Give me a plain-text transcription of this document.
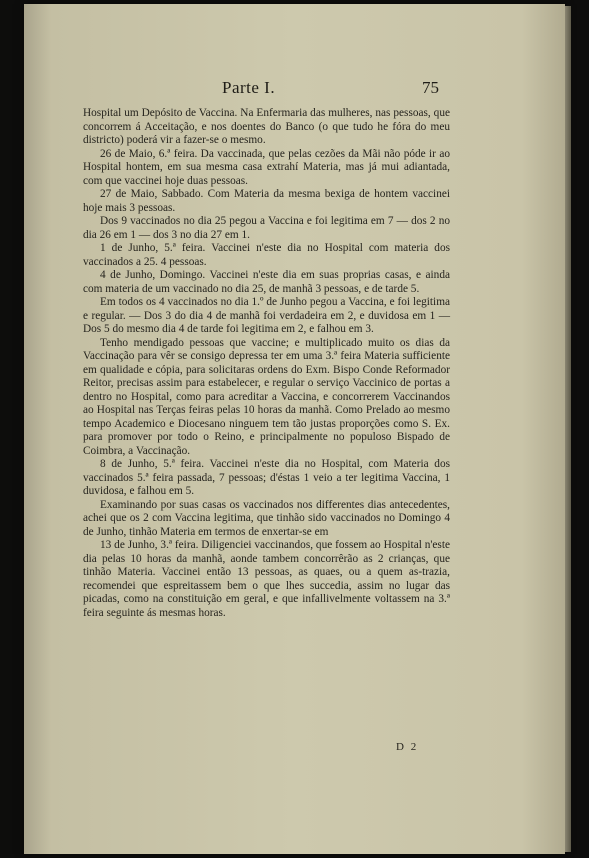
Parte I.	75

Hospital um Depósito de Vaccina. Na Enfermaria das mulheres, nas pessoas, que concorrem á Acceitação, e nos doentes do Banco (o que tudo he fóra do meu districto) poderá vir a fazer-se o mesmo.

26 de Maio, 6.ª feira. Da vaccinada, que pelas cezões da Mãi não póde ir ao Hospital hontem, em sua mesma casa extrahí Materia, mas já mui adiantada, com que vaccinei hoje duas pessoas.

27 de Maio, Sabbado. Com Materia da mesma bexiga de hontem vaccinei hoje mais 3 pessoas.

Dos 9 vaccinados no dia 25 pegou a Vaccina e foi legitima em 7 — dos 2 no dia 26 em 1 — dos 3 no dia 27 em 1.

1 de Junho, 5.ª feira. Vaccinei n'este dia no Hospital com materia dos vaccinados a 25. 4 pessoas.

4 de Junho, Domingo. Vaccinei n'este dia em suas proprias casas, e ainda com materia de um vaccinado no dia 25, de manhã 3 pessoas, e de tarde 5.

Em todos os 4 vaccinados no dia 1.º de Junho pegou a Vaccina, e foi legitima e regular. — Dos 3 do dia 4 de manhã foi verdadeira em 2, e duvidosa em 1 — Dos 5 do mesmo dia 4 de tarde foi legitima em 2, e falhou em 3.

Tenho mendigado pessoas que vaccine; e multiplicado muito os dias da Vaccinação para vêr se consigo depressa ter em uma 3.ª feira Materia sufficiente em qualidade e cópia, para solicitaras ordens do Exm. Bispo Conde Reformador Reitor, precisas assim para estabelecer, e regular o serviço Vaccinico de portas a dentro no Hospital, como para acreditar a Vaccina, e concorrerem Vaccinandos ao Hospital nas Terças feiras pelas 10 horas da manhã. Como Prelado ao mesmo tempo Academico e Diocesano ninguem tem tão justas proporções como S. Ex. para promover por todo o Reino, e principalmente no populoso Bispado de Coimbra, a Vaccinação.

8 de Junho, 5.ª feira. Vaccinei n'este dia no Hospital, com Materia dos vaccinados 5.ª feira passada, 7 pessoas; d'éstas 1 veio a ter legitima Vaccina, 1 duvidosa, e falhou em 5.

Examinando por suas casas os vaccinados nos differentes dias antecedentes, achei que os 2 com Vaccina legitima, que tinhão sido vaccinados no Domingo 4 de Junho, tinhão Materia em termos de enxertar-se em

13 de Junho, 3.ª feira. Diligenciei vaccinandos, que fossem ao Hospital n'este dia pelas 10 horas da manhã, aonde tambem concorrêrão as 2 crianças, que tinhão Materia. Vaccinei então 13 pessoas, as quaes, ou a quem as-trazia, recomendei que espreitassem bem o que lhes succedia, assim no lugar das picadas, como na constituição em geral, e que infallivelmente voltassem na 3.ª feira seguinte ás mesmas horas.

D 2
